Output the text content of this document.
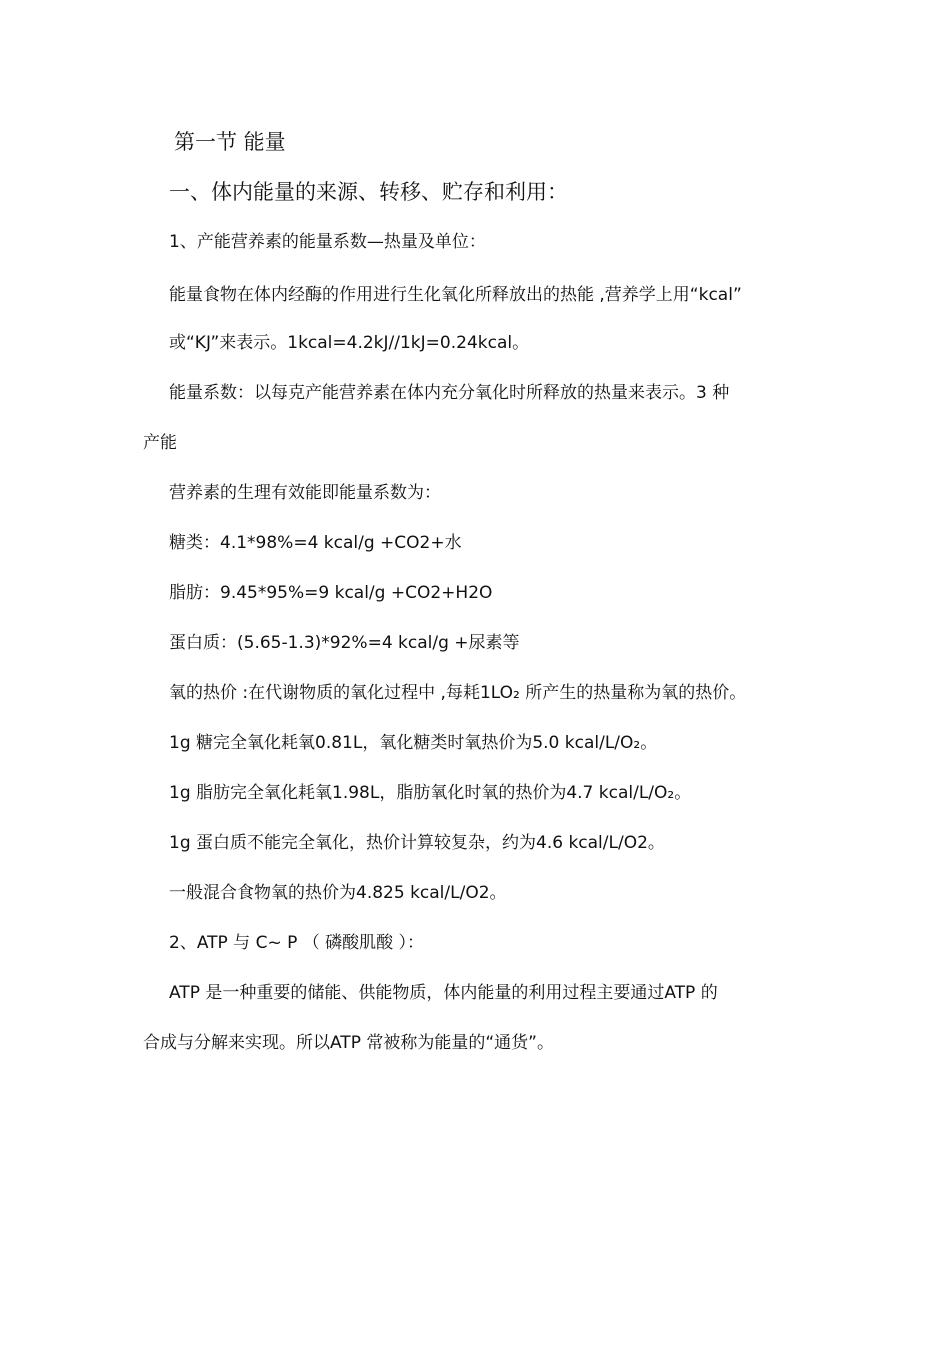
第一节 能量
一、体内能量的来源、转移、贮存和利用：
1、产能营养素的能量系数—热量及单位：
能量食物在体内经酶的作用进行生化氧化所释放出的热能 ,营养学上用“kcal”
或“KJ”来表示。1kcal=4.2kJ//1kJ=0.24kcal。
能量系数：以每克产能营养素在体内充分氧化时所释放的热量来表示。3 种
产能
营养素的生理有效能即能量系数为：
糖类：4.1*98%=4 kcal/g +CO2+水
脂肪：9.45*95%=9 kcal/g +CO2+H2O
蛋白质：(5.65-1.3)*92%=4 kcal/g +尿素等
氧的热价 :在代谢物质的氧化过程中 ,每耗1LO₂ 所产生的热量称为氧的热价。
1g 糖完全氧化耗氧0.81L，氧化糖类时氧热价为5.0 kcal/L/O₂。
1g 脂肪完全氧化耗氧1.98L，脂肪氧化时氧的热价为4.7 kcal/L/O₂。
1g 蛋白质不能完全氧化，热价计算较复杂，约为4.6 kcal/L/O2。
一般混合食物氧的热价为4.825 kcal/L/O2。
2、ATP 与 C~ P （ 磷酸肌酸 ）：
ATP 是一种重要的储能、供能物质，体内能量的利用过程主要通过ATP 的
合成与分解来实现。所以ATP 常被称为能量的“通货”。
